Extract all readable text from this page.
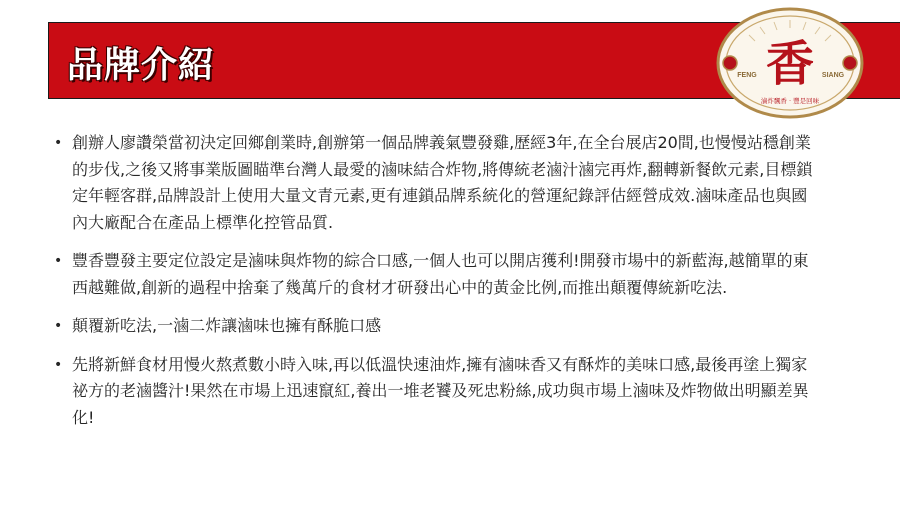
品牌介紹	香
FENG	SIANG
滷炸飄香 · 豐是回味
• 創辦人廖讚榮當初決定回鄉創業時,創辦第一個品牌義氣豐發雞,歷經3年,在全台展店20間,也慢慢站穩創業的步伐,之後又將事業版圖瞄準台灣人最愛的滷味結合炸物,將傳統老滷汁滷完再炸,翻轉新餐飲元素,目標鎖定年輕客群,品牌設計上使用大量文青元素,更有連鎖品牌系統化的營運紀錄評估經營成效.滷味產品也與國內大廠配合在產品上標準化控管品質.
• 豐香豐發主要定位設定是滷味與炸物的綜合口感,一個人也可以開店獲利!開發市場中的新藍海,越簡單的東西越難做,創新的過程中捨棄了幾萬斤的食材才研發出心中的黃金比例,而推出顛覆傳統新吃法.
• 顛覆新吃法,一滷二炸讓滷味也擁有酥脆口感
• 先將新鮮食材用慢火熬煮數小時入味,再以低溫快速油炸,擁有滷味香又有酥炸的美味口感,最後再塗上獨家祕方的老滷醬汁!果然在市場上迅速竄紅,養出一堆老饕及死忠粉絲,成功與市場上滷味及炸物做出明顯差異化!
